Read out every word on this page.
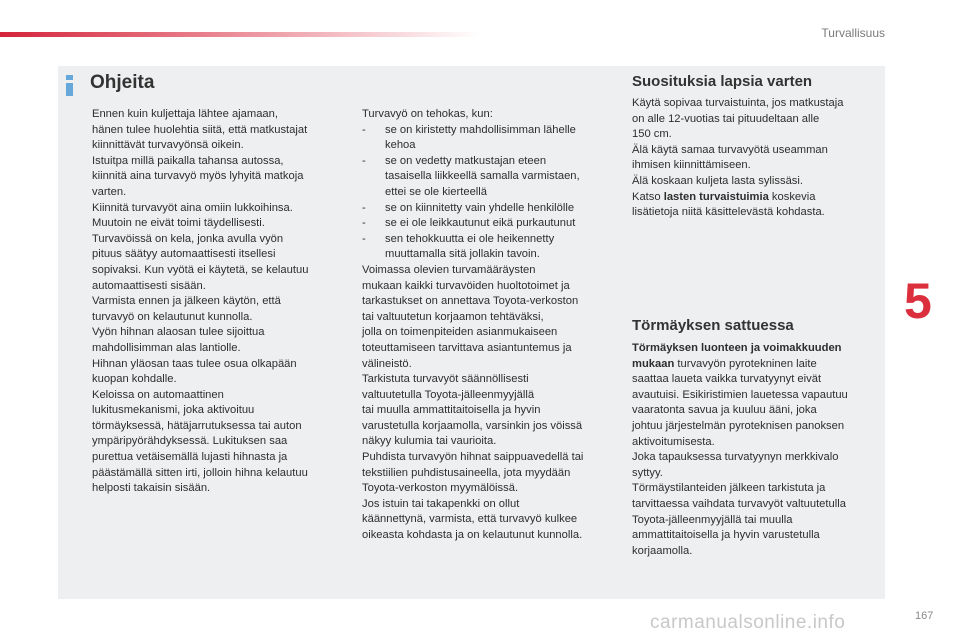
Turvallisuus
Ohjeita
Ennen kuin kuljettaja lähtee ajamaan,
hänen tulee huolehtia siitä, että matkustajat
kiinnittävät turvavyönsä oikein.
Istuitpa millä paikalla tahansa autossa,
kiinnitä aina turvavyö myös lyhyitä matkoja
varten.
Kiinnitä turvavyöt aina omiin lukkoihinsa.
Muutoin ne eivät toimi täydellisesti.
Turvavöissä on kela, jonka avulla vyön
pituus säätyy automaattisesti itsellesi
sopivaksi. Kun vyötä ei käytetä, se kelautuu
automaattisesti sisään.
Varmista ennen ja jälkeen käytön, että
turvavyö on kelautunut kunnolla.
Vyön hihnan alaosan tulee sijoittua
mahdollisimman alas lantiolle.
Hihnan yläosan taas tulee osua olkapään
kuopan kohdalle.
Keloissa on automaattinen
lukitusmekanismi, joka aktivoituu
törmäyksessä, hätäjarrutuksessa tai auton
ympäripyörähdyksessä. Lukituksen saa
purettua vetäisemällä lujasti hihnasta ja
päästämällä sitten irti, jolloin hihna kelautuu
helposti takaisin sisään.
Turvavyö on tehokas, kun:
-	se on kiristetty mahdollisimman lähelle
kehoa
-	se on vedetty matkustajan eteen
tasaisella liikkeellä samalla varmistaen,
ettei se ole kierteellä
-	se on kiinnitetty vain yhdelle henkilölle
-	se ei ole leikkautunut eikä purkautunut
-	sen tehokkuutta ei ole heikennetty
muuttamalla sitä jollakin tavoin.
Voimassa olevien turvamääräysten
mukaan kaikki turvavöiden huoltotoimet ja
tarkastukset on annettava Toyota-verkoston
tai valtuutetun korjaamon tehtäväksi,
jolla on toimenpiteiden asianmukaiseen
toteuttamiseen tarvittava asiantuntemus ja
välineistö.
Tarkistuta turvavyöt säännöllisesti
valtuutetulla Toyota-jälleenmyyjällä
tai muulla ammattitaitoisella ja hyvin
varustetulla korjaamolla, varsinkin jos vöissä
näkyy kulumia tai vaurioita.
Puhdista turvavyön hihnat saippuavedellä tai
tekstiilien puhdistusaineella, jota myydään
Toyota-verkoston myymälöissä.
Jos istuin tai takapenkki on ollut
käännettynä, varmista, että turvavyö kulkee
oikeasta kohdasta ja on kelautunut kunnolla.
Suosituksia lapsia varten
Käytä sopivaa turvaistuinta, jos matkustaja
on alle 12-vuotias tai pituudeltaan alle
150 cm.
Älä käytä samaa turvavyötä useamman
ihmisen kiinnittämiseen.
Älä koskaan kuljeta lasta sylissäsi.
Katso lasten turvaistuimia koskevia
lisätietoja niitä käsittelevästä kohdasta.
Törmäyksen sattuessa
Törmäyksen luonteen ja voimakkuuden
mukaan turvavyön pyrotekninen laite
saattaa laueta vaikka turvatyynyt eivät
avautuisi. Esikiristimien lauetessa vapautuu
vaaratonta savua ja kuuluu ääni, joka
johtuu järjestelmän pyroteknisen panoksen
aktivoitumisesta.
Joka tapauksessa turvatyynyn merkkivalo
syttyy.
Törmäystilanteiden jälkeen tarkistuta ja
tarvittaessa vaihdata turvavyöt valtuutetulla
Toyota-jälleenmyyjällä tai muulla
ammattitaitoisella ja hyvin varustetulla
korjaamolla.
5
carmanualsonline.info	167
